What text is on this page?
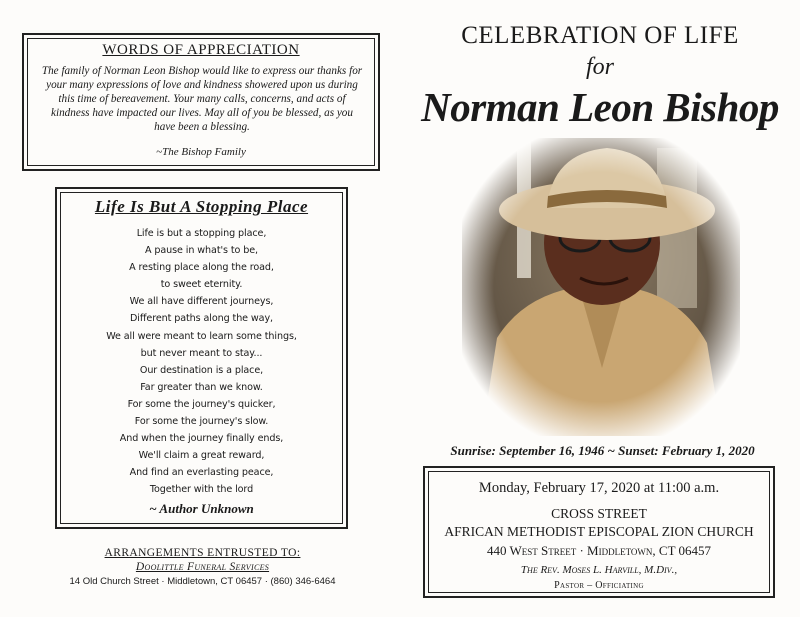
WORDS OF APPRECIATION
The family of Norman Leon Bishop would like to express our thanks for your many expressions of love and kindness showered upon us during this time of bereavement. Your many calls, concerns, and acts of kindness have impacted our lives. May all of you be blessed, as you have been a blessing.
~The Bishop Family
Life Is But A Stopping Place
Life is but a stopping place,
A pause in what's to be,
A resting place along the road,
to sweet eternity.
We all have different journeys,
Different paths along the way,
We all were meant to learn some things,
but never meant to stay...
Our destination is a place,
Far greater than we know.
For some the journey's quicker,
For some the journey's slow.
And when the journey finally ends,
We'll claim a great reward,
And find an everlasting peace,
Together with the lord
~ Author Unknown
ARRANGEMENTS ENTRUSTED TO:
Doolittle Funeral Services
14 Old Church Street · Middletown, CT 06457 · (860) 346-6464
CELEBRATION OF LIFE
for
Norman Leon Bishop
Sunrise: September 16, 1946 ~ Sunset: February 1, 2020
Monday, February 17, 2020 at 11:00 a.m.
CROSS STREET
AFRICAN METHODIST EPISCOPAL ZION CHURCH
440 West Street · Middletown, CT 06457
The Rev. Moses L. Harvill, M.Div.,
Pastor – Officiating
